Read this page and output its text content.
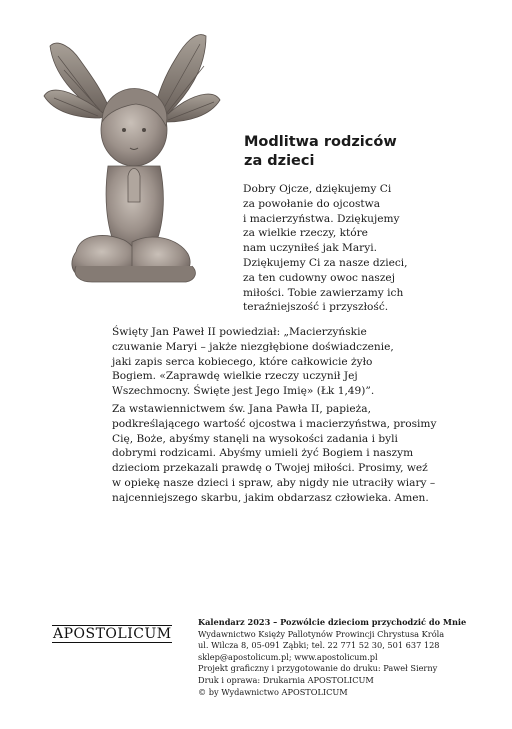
Modlitwa rodziców
za dzieci
Dobry Ojcze, dziękujemy Ci
za powołanie do ojcostwa
i macierzyństwa. Dziękujemy
za wielkie rzeczy, które
nam uczyniłeś jak Maryi.
Dziękujemy Ci za nasze dzieci,
za ten cudowny owoc naszej
miłości. Tobie zawierzamy ich
teraźniejszość i przyszłość.
Święty Jan Paweł II powiedział: „Macierzyńskie
czuwanie Maryi – jakże niezgłębione doświadczenie,
jaki zapis serca kobiecego, które całkowicie żyło
Bogiem. «Zaprawdę wielkie rzeczy uczynił Jej
Wszechmocny. Święte jest Jego Imię» (Łk 1,49)”.
Za wstawiennictwem św. Jana Pawła II, papieża,
podkreślającego wartość ojcostwa i macierzyństwa, prosimy
Cię, Boże, abyśmy stanęli na wysokości zadania i byli
dobrymi rodzicami. Abyśmy umieli żyć Bogiem i naszym
dzieciom przekazali prawdę o Twojej miłości. Prosimy, weź
w opiekę nasze dzieci i spraw, aby nigdy nie utraciły wiary –
najcenniejszego skarbu, jakim obdarzasz człowieka. Amen.
APOSTOLICUM
Kalendarz 2023 – Pozwólcie dzieciom przychodzić do Mnie
Wydawnictwo Księży Pallotynów Prowincji Chrystusa Króla
ul. Wilcza 8, 05-091 Ząbki; tel. 22 771 52 30, 501 637 128
sklep@apostolicum.pl; www.apostolicum.pl
Projekt graficzny i przygotowanie do druku: Paweł Sierny
Druk i oprawa: Drukarnia APOSTOLICUM
© by Wydawnictwo APOSTOLICUM
